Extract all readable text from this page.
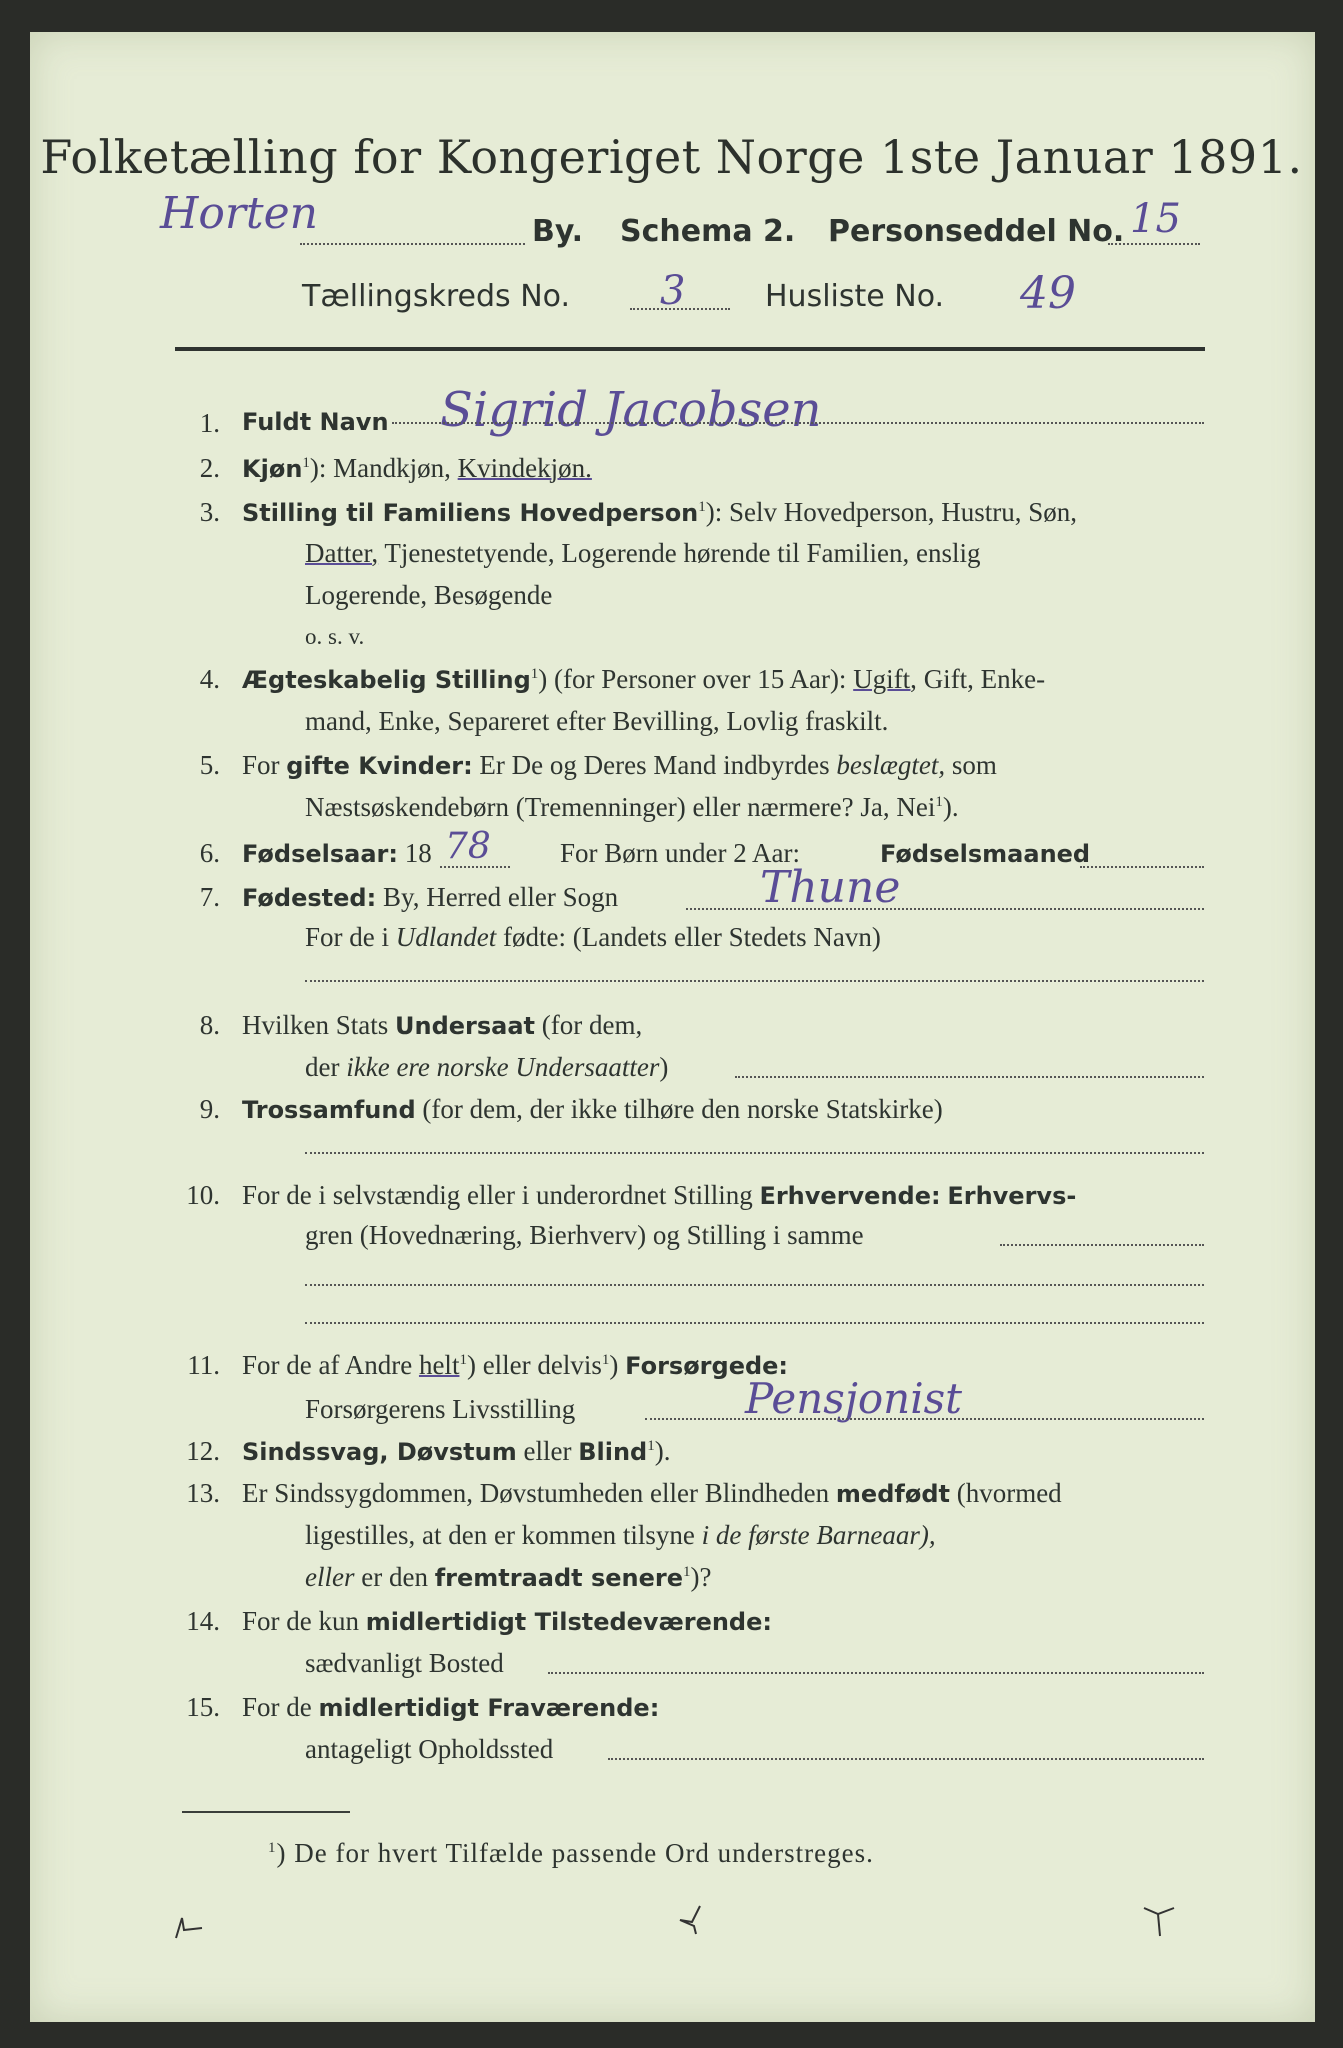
Folketælling for Kongeriget Norge 1ste Januar 1891.
Horten	By. Schema 2. Personseddel No. 15
Tællingskreds No. 3	Husliste No. 49
1. Fuldt Navn Sigrid Jacobsen
2. Kjøn$^1$): Mandkjøn, Kvindekjøn.
3. Stilling til Familiens Hovedperson$^1$): Selv Hovedperson, Hustru, Søn,
Datter, Tjenestetyende, Logerende hørende til Familien, enslig
Logerende, Besøgende
o. s. v.
4. Ægteskabelig Stilling$^1$) (for Personer over 15 Aar): Ugift, Gift, Enke-
mand, Enke, Separeret efter Bevilling, Lovlig fraskilt.
5. For gifte Kvinder: Er De og Deres Mand indbyrdes beslægtet, som
Næstsøskendebørn (Tremenninger) eller nærmere? Ja, Nei$^1$).
6. Fødselsaar: 18 78	For Børn under 2 Aar:	Fødselsmaaned
7. Fødested: By, Herred eller Sogn	Thune
For de i Udlandet fødte: (Landets eller Stedets Navn)
8. Hvilken Stats Undersaat (for dem,
der ikke ere norske Undersaatter)
9. Trossamfund (for dem, der ikke tilhøre den norske Statskirke)
10. For de i selvstændig eller i underordnet Stilling Erhvervende: Erhvervs-
gren (Hovednæring, Bierhverv) og Stilling i samme
11. For de af Andre helt$^1$) eller delvis$^1$) Forsørgede:
Forsørgerens Livsstilling	Pensjonist
12. Sindssvag, Døvstum eller Blind$^1$).
13. Er Sindssygdommen, Døvstumheden eller Blindheden medfødt (hvormed
ligestilles, at den er kommen tilsyne i de første Barneaar),
eller er den fremtraadt senere$^1$)?
14. For de kun midlertidigt Tilstedeværende:
sædvanligt Bosted
15. For de midlertidigt Fraværende:
antageligt Opholdssted
$^1$) De for hvert Tilfælde passende Ord understreges.
